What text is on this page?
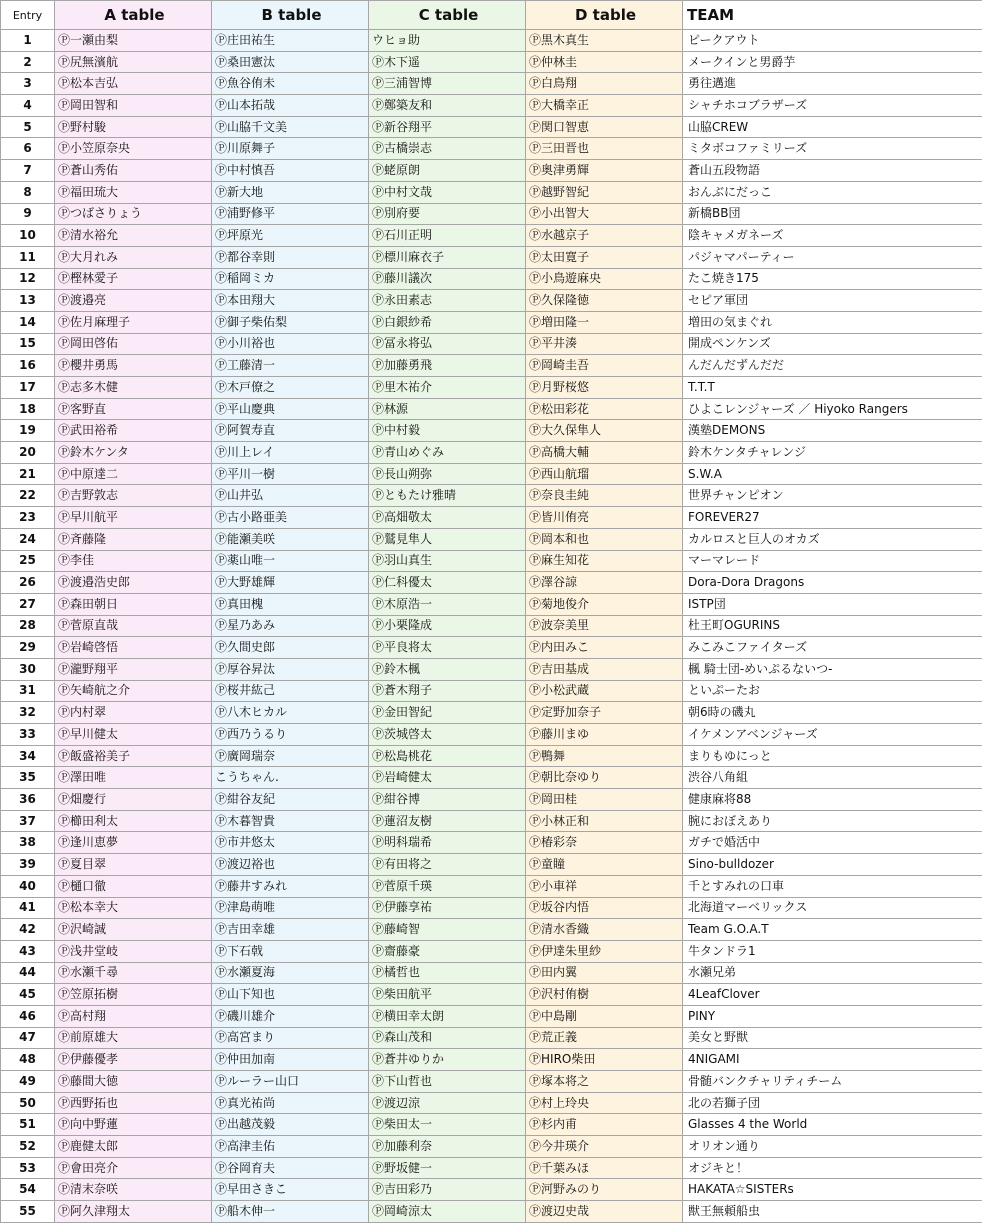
Entry	A table	B table	C table	D table	TEAM
1	Ⓟ一瀬由梨	Ⓟ庄田祐生	ウヒョ助	Ⓟ黒木真生	ピークアウト
2	Ⓟ尻無濱航	Ⓟ桑田憲汰	Ⓟ木下遥	Ⓟ仲林圭	メークインと男爵芋
3	Ⓟ松本吉弘	Ⓟ魚谷侑未	Ⓟ三浦智博	Ⓟ白鳥翔	勇往邁進
4	Ⓟ岡田智和	Ⓟ山本拓哉	Ⓟ鄭築友和	Ⓟ大橋幸正	シャチホコブラザーズ
5	Ⓟ野村駿	Ⓟ山脇千文美	Ⓟ新谷翔平	Ⓟ関口智恵	山脇CREW
6	Ⓟ小笠原奈央	Ⓟ川原舞子	Ⓟ古橋崇志	Ⓟ三田晋也	ミタボコファミリーズ
7	Ⓟ蒼山秀佑	Ⓟ中村慎吾	Ⓟ蛯原朗	Ⓟ奥津勇輝	蒼山五段物語
8	Ⓟ福田琉大	Ⓟ新大地	Ⓟ中村文哉	Ⓟ越野智紀	おんぶにだっこ
9	Ⓟつばさりょう	Ⓟ浦野修平	Ⓟ別府要	Ⓟ小出智大	新橋BB団
10	Ⓟ清水裕允	Ⓟ坪原光	Ⓟ石川正明	Ⓟ水越京子	陰キャメガネーズ
11	Ⓟ大月れみ	Ⓟ都谷幸則	Ⓟ標川麻衣子	Ⓟ太田寛子	パジャマパーティー
12	Ⓟ樫林愛子	Ⓟ稲岡ミカ	Ⓟ藤川議次	Ⓟ小鳥遊麻央	たこ焼き175
13	Ⓟ渡邉亮	Ⓟ本田翔大	Ⓟ永田素志	Ⓟ久保隆徳	セピア軍団
14	Ⓟ佐月麻理子	Ⓟ御子柴佑梨	Ⓟ白銀紗希	Ⓟ増田隆一	増田の気まぐれ
15	Ⓟ岡田啓佑	Ⓟ小川裕也	Ⓟ冨永将弘	Ⓟ平井湊	開成ペンケンズ
16	Ⓟ櫻井勇馬	Ⓟ工藤清一	Ⓟ加藤勇飛	Ⓟ岡崎圭吾	んだんだずんだだ
17	Ⓟ志多木健	Ⓟ木戸僚之	Ⓟ里木祐介	Ⓟ月野桜悠	T.T.T
18	Ⓟ客野直	Ⓟ平山慶典	Ⓟ林源	Ⓟ松田彩花	ひよこレンジャーズ ／ Hiyoko Rangers
19	Ⓟ武田裕希	Ⓟ阿賀寿直	Ⓟ中村毅	Ⓟ大久保隼人	漢塾DEMONS
20	Ⓟ鈴木ケンタ	Ⓟ川上レイ	Ⓟ青山めぐみ	Ⓟ高橋大輔	鈴木ケンタチャレンジ
21	Ⓟ中原達二	Ⓟ平川一樹	Ⓟ長山朔弥	Ⓟ西山航瑠	S.W.A
22	Ⓟ吉野敦志	Ⓟ山井弘	Ⓟともたけ雅晴	Ⓟ奈良圭純	世界チャンピオン
23	Ⓟ早川航平	Ⓟ古小路亜美	Ⓟ高畑敬太	Ⓟ皆川侑亮	FOREVER27
24	Ⓟ斉藤隆	Ⓟ能瀬美咲	Ⓟ鷲見隼人	Ⓟ岡本和也	カルロスと巨人のオカズ
25	Ⓟ李佳	Ⓟ薬山唯一	Ⓟ羽山真生	Ⓟ麻生知花	マーマレード
26	Ⓟ渡邉浩史郎	Ⓟ大野雄輝	Ⓟ仁科優太	Ⓟ澤谷諒	Dora-Dora Dragons
27	Ⓟ森田朝日	Ⓟ真田槐	Ⓟ木原浩一	Ⓟ菊地俊介	ISTP団
28	Ⓟ菅原直哉	Ⓟ星乃あみ	Ⓟ小栗隆成	Ⓟ波奈美里	杜王町OGURINS
29	Ⓟ岩崎啓悟	Ⓟ久間史郎	Ⓟ平良将太	Ⓟ内田みこ	みこみこファイターズ
30	Ⓟ瀧野翔平	Ⓟ厚谷昇汰	Ⓟ鈴木楓	Ⓟ吉田基成	楓 騎士団-めいぷるないつ-
31	Ⓟ矢崎航之介	Ⓟ桜井紘己	Ⓟ蒼木翔子	Ⓟ小松武蔵	といぷーたお
32	Ⓟ内村翠	Ⓟ八木ヒカル	Ⓟ金田智紀	Ⓟ定野加奈子	朝6時の磯丸
33	Ⓟ早川健太	Ⓟ西乃うるり	Ⓟ茨城啓太	Ⓟ藤川まゆ	イケメンアベンジャーズ
34	Ⓟ飯盛裕美子	Ⓟ廣岡瑞奈	Ⓟ松島桃花	Ⓟ鴨舞	まりもゆにっと
35	Ⓟ澤田唯	こうちゃん.	Ⓟ岩崎健太	Ⓟ朝比奈ゆり	渋谷八角組
36	Ⓟ畑慶行	Ⓟ紺谷友紀	Ⓟ紺谷博	Ⓟ岡田桂	健康麻将88
37	Ⓟ櫛田利太	Ⓟ木暮智貴	Ⓟ蓮沼友樹	Ⓟ小林正和	腕におぼえあり
38	Ⓟ逢川恵夢	Ⓟ市井悠太	Ⓟ明科瑞希	Ⓟ椿彩奈	ガチで婚活中
39	Ⓟ夏目翠	Ⓟ渡辺裕也	Ⓟ有田将之	Ⓟ童瞳	Sino-bulldozer
40	Ⓟ樋口徹	Ⓟ藤井すみれ	Ⓟ菅原千瑛	Ⓟ小車祥	千とすみれの口車
41	Ⓟ松本幸大	Ⓟ津島萌唯	Ⓟ伊藤享祐	Ⓟ坂谷内悟	北海道マーベリックス
42	Ⓟ沢崎誠	Ⓟ吉田幸雄	Ⓟ藤崎智	Ⓟ清水香織	Team G.O.A.T
43	Ⓟ浅井堂岐	Ⓟ下石戟	Ⓟ齋藤豪	Ⓟ伊達朱里紗	牛タンドラ1
44	Ⓟ水瀬千尋	Ⓟ水瀬夏海	Ⓟ橘哲也	Ⓟ田内翼	水瀬兄弟
45	Ⓟ笠原拓樹	Ⓟ山下知也	Ⓟ柴田航平	Ⓟ沢村侑樹	4LeafClover
46	Ⓟ高村翔	Ⓟ磯川雄介	Ⓟ横田幸太朗	Ⓟ中島剛	PINY
47	Ⓟ前原雄大	Ⓟ高宮まり	Ⓟ森山茂和	Ⓟ荒正義	美女と野獣
48	Ⓟ伊藤優孝	Ⓟ仲田加南	Ⓟ蒼井ゆりか	ⓅHIRO柴田	4NIGAMI
49	Ⓟ藤間大徳	Ⓟルーラー山口	Ⓟ下山哲也	Ⓟ塚本将之	骨髄バンクチャリティチーム
50	Ⓟ西野拓也	Ⓟ真光祐尚	Ⓟ渡辺涼	Ⓟ村上玲央	北の若獅子団
51	Ⓟ向中野蓮	Ⓟ出越茂毅	Ⓟ柴田太一	Ⓟ杉内甫	Glasses 4 the World
52	Ⓟ鹿健太郎	Ⓟ高津圭佑	Ⓟ加藤利奈	Ⓟ今井瑛介	オリオン通り
53	Ⓟ會田亮介	Ⓟ谷岡育夫	Ⓟ野坂健一	Ⓟ千葉みほ	オジキと！
54	Ⓟ清末奈咲	Ⓟ早田さきこ	Ⓟ吉田彩乃	Ⓟ河野みのり	HAKATA☆SISTERs
55	Ⓟ阿久津翔太	Ⓟ船木伸一	Ⓟ岡崎涼太	Ⓟ渡辺史哉	獣王無頼船虫
